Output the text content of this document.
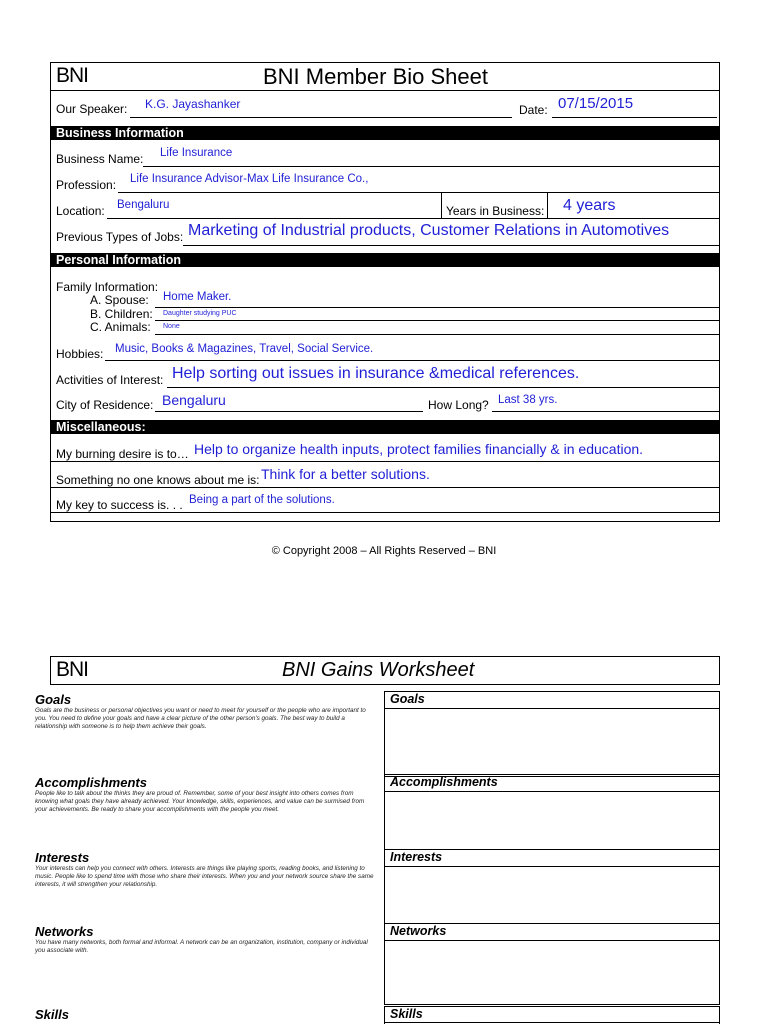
BNI	BNI Member Bio Sheet
Our Speaker: K.G. Jayashanker	Date: 07/15/2015
Business Information
Business Name: Life Insurance
Profession: Life Insurance Advisor-Max Life Insurance Co.,
Location: Bengaluru	Years in Business: 4 years
Previous Types of Jobs: Marketing of Industrial products, Customer Relations in Automotives
Personal Information
Family Information:
A. Spouse: Home Maker.
B. Children: Daughter studying PUC
C. Animals: None
Hobbies: Music, Books & Magazines, Travel, Social Service.
Activities of Interest: Help sorting out issues in insurance &medical references.
City of Residence: Bengaluru	How Long? Last 38 yrs.
Miscellaneous:
My burning desire is to… Help to organize health inputs, protect families financially & in education.
Something no one knows about me is: Think for a better solutions.
My key to success is. . . Being a part of the solutions.
© Copyright 2008 – All Rights Reserved – BNI
BNI	BNI Gains Worksheet
Goals
Goals are the business or personal objectives you want or need to meet for yourself or the people who are important to you. You need to define your goals and have a clear picture of the other person's goals. The best way to build a relationship with someone is to help them achieve their goals.
Accomplishments
People like to talk about the thinks they are proud of. Remember, some of your best insight into others comes from knowing what goals they have already achieved. Your knowledge, skills, experiences, and value can be surmised from your achievements. Be ready to share your accomplishments with the people you meet.
Interests
Your interests can help you connect with others. Interests are things like playing sports, reading books, and listening to music. People like to spend time with those who share their interests. When you and your network source share the same interests, it will strengthen your relationship.
Networks
You have many networks, both formal and informal. A network can be an organization, institution, company or individual you associate with.
Skills
Goals
Accomplishments
Interests
Networks
Skills
